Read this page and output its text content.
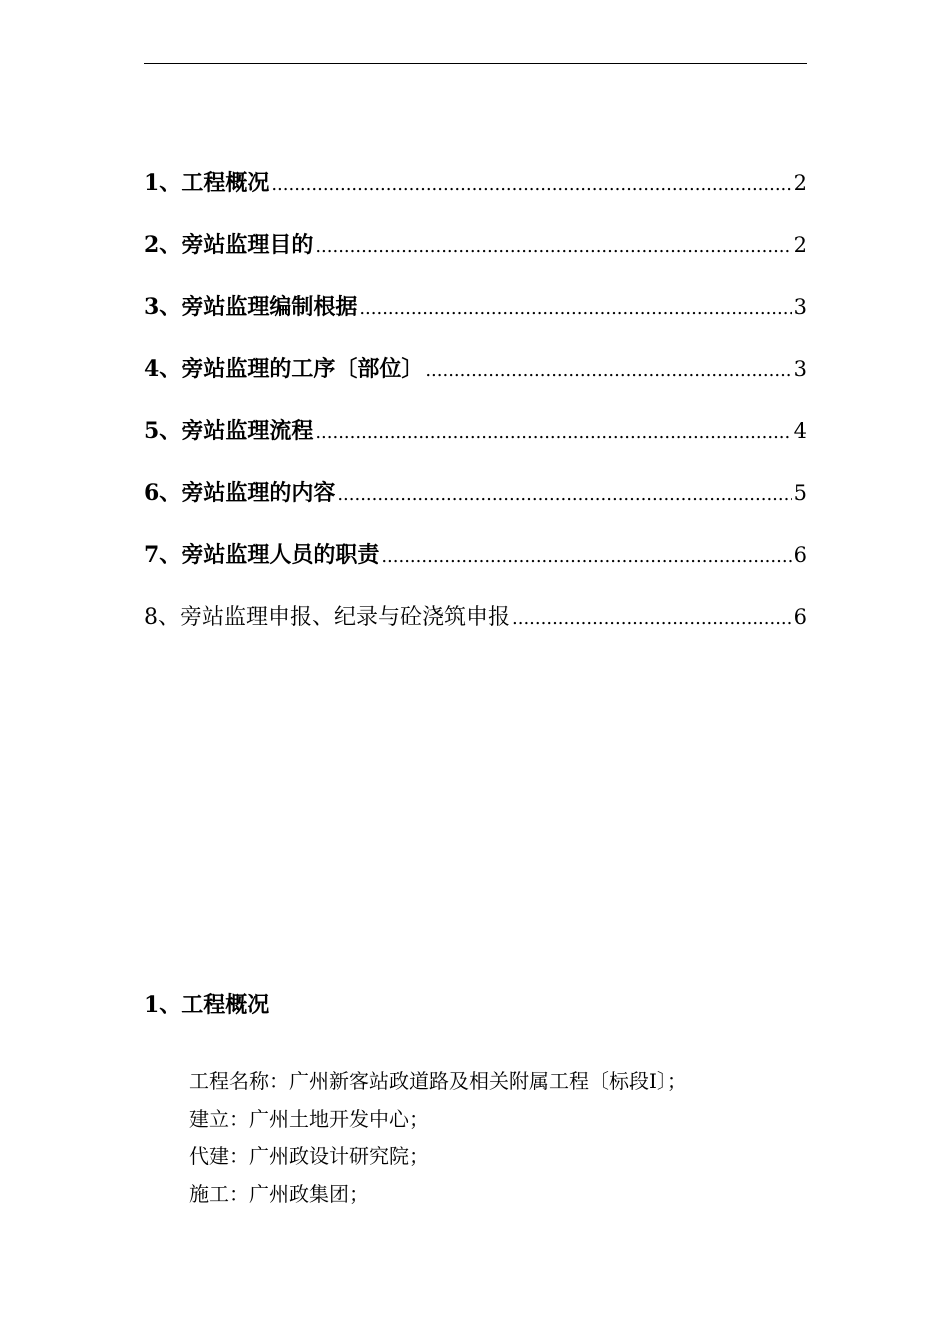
1、 工程概况 .....	2
2、 旁站监理目的 .....	2
3、 旁站监理编制根据 .....	3
4、 旁站监理的工序〔部位〕 .....	3
5、 旁站监理流程 .....	4
6、 旁站监理的内容 .....	5
7、 旁站监理人员的职责 .....	6
8、 旁站监理申报、纪录与砼浇筑申报 .....	6
1、工程概况
工程名称：广州新客站政道路及相关附属工程〔标段Ⅰ〕；
建立：广州土地开发中心；
代建：广州政设计研究院；
施工：广州政集团；
